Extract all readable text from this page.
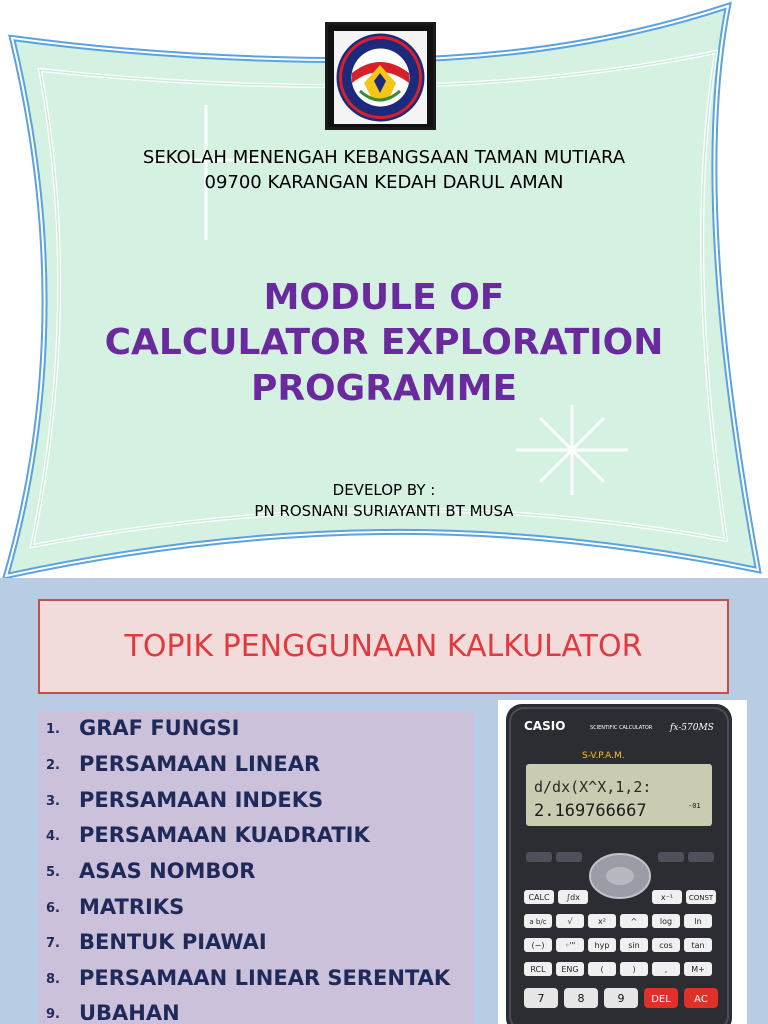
SEKOLAH MENENGAH KEBANGSAAN TAMAN MUTIARA
09700 KARANGAN KEDAH DARUL AMAN
MODULE OF
CALCULATOR EXPLORATION
PROGRAMME
DEVELOP BY :
PN ROSNANI SURIAYANTI BT MUSA
TOPIK PENGGUNAAN KALKULATOR
1. GRAF FUNGSI
2. PERSAMAAN LINEAR
3. PERSAMAAN INDEKS
4. PERSAMAAN KUADRATIK
5. ASAS NOMBOR
6. MATRIKS
7. BENTUK PIAWAI
8. PERSAMAAN LINEAR SERENTAK
9. UBAHAN
CASIO	SCIENTIFIC CALCULATOR fx-570MS
S-V.P.A.M.
d/dx(X^X,1,2:
2.169766667	-01
CALC ∫dx	x⁻¹ CONST
a b/c	√	x²	^	log	ln
(−)	◦'" hyp sin cos tan
RCL ENG	(	)	,	M+
7	8	9	DEL AC
